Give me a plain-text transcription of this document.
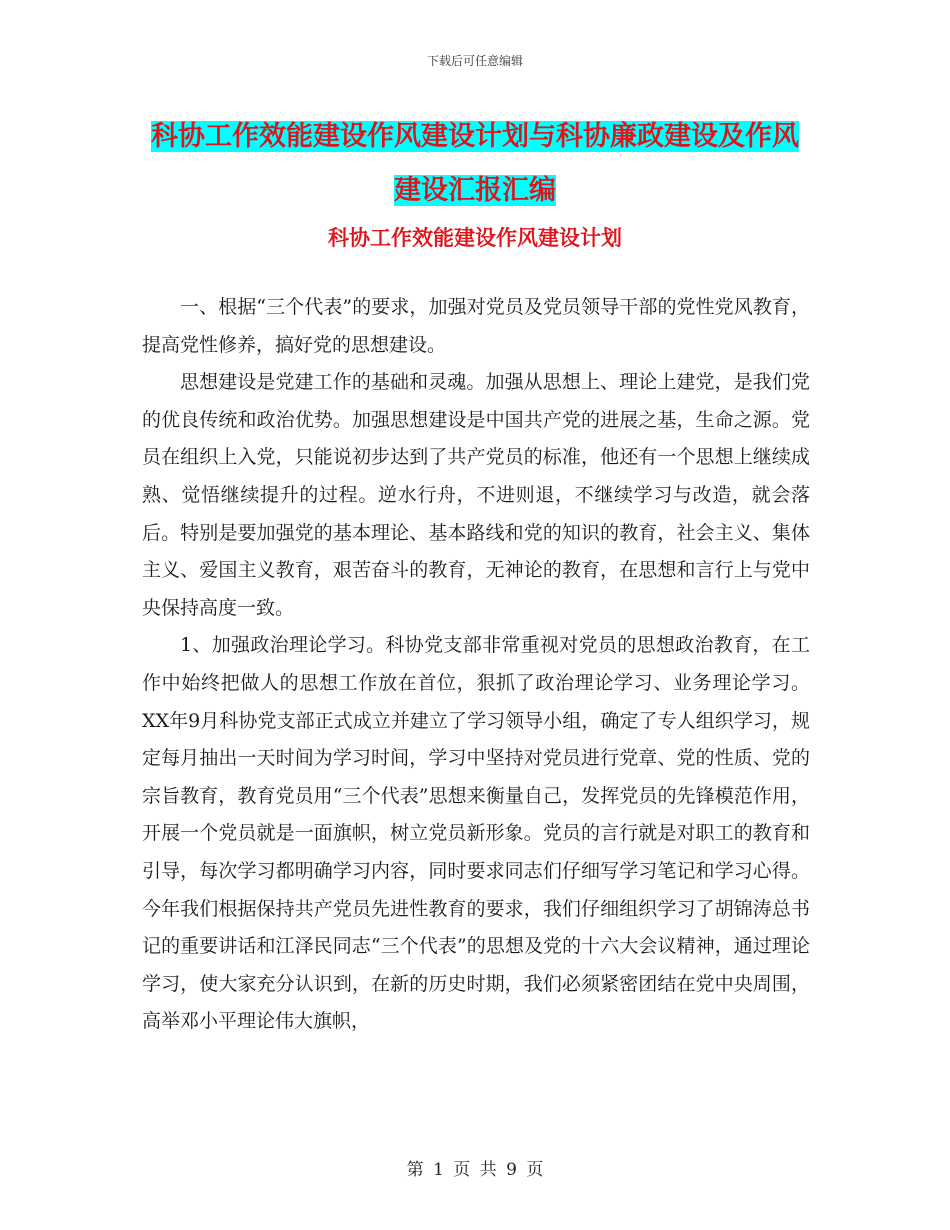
下载后可任意编辑
科协工作效能建设作风建设计划与科协廉政建设及作风建设汇报汇编
科协工作效能建设作风建设计划

一、根据“三个代表”的要求，加强对党员及党员领导干部的党性党风教育，提高党性修养，搞好党的思想建设。

思想建设是党建工作的基础和灵魂。加强从思想上、理论上建党，是我们党的优良传统和政治优势。加强思想建设是中国共产党的进展之基，生命之源。党员在组织上入党，只能说初步达到了共产党员的标准，他还有一个思想上继续成熟、觉悟继续提升的过程。逆水行舟，不进则退，不继续学习与改造，就会落后。特别是要加强党的基本理论、基本路线和党的知识的教育，社会主义、集体主义、爱国主义教育，艰苦奋斗的教育，无神论的教育，在思想和言行上与党中央保持高度一致。

1、加强政治理论学习。科协党支部非常重视对党员的思想政治教育，在工作中始终把做人的思想工作放在首位，狠抓了政治理论学习、业务理论学习。XX年9月科协党支部正式成立并建立了学习领导小组，确定了专人组织学习，规定每月抽出一天时间为学习时间，学习中坚持对党员进行党章、党的性质、党的宗旨教育，教育党员用“三个代表”思想来衡量自己，发挥党员的先锋模范作用，开展一个党员就是一面旗帜，树立党员新形象。党员的言行就是对职工的教育和引导，每次学习都明确学习内容，同时要求同志们仔细写学习笔记和学习心得。今年我们根据保持共产党员先进性教育的要求，我们仔细组织学习了胡锦涛总书记的重要讲话和江泽民同志“三个代表”的思想及党的十六大会议精神，通过理论学习，使大家充分认识到，在新的历史时期，我们必须紧密团结在党中央周围，高举邓小平理论伟大旗帜，

第 1 页 共 9 页
